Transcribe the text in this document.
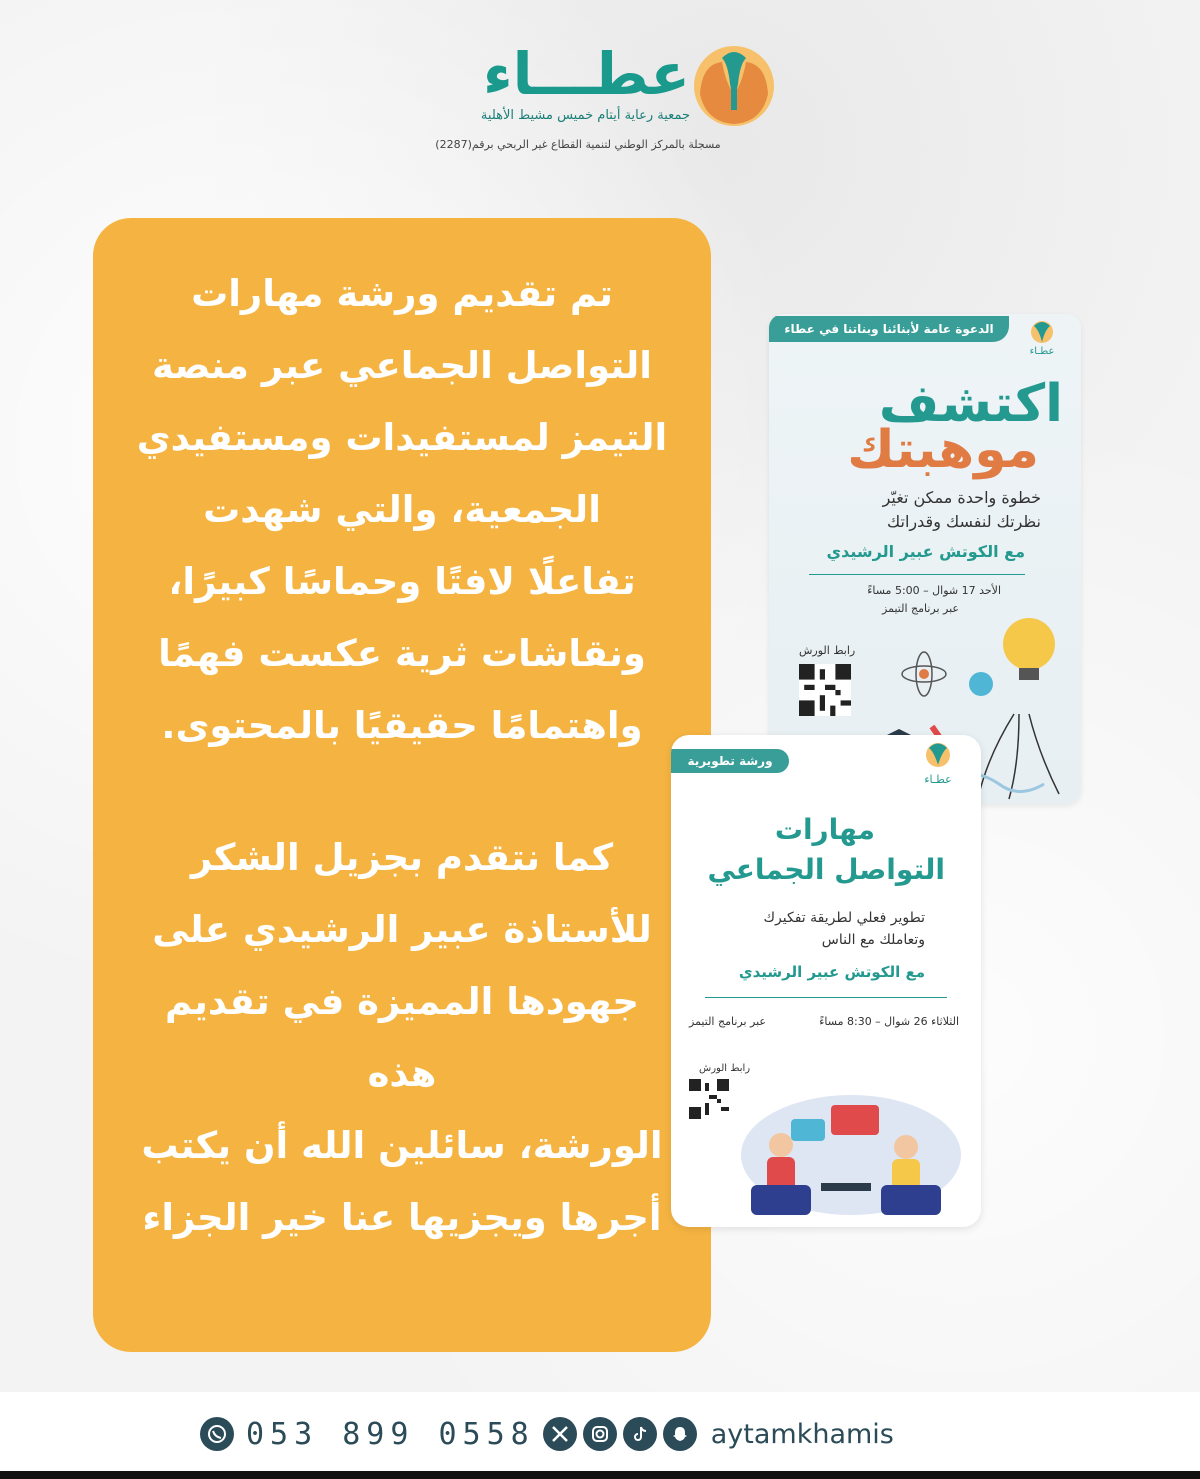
عطـــاء
جمعية رعاية أيتام خميس مشيط الأهلية
مسجلة بالمركز الوطني لتنمية القطاع غير الربحي برقم(2287)

تم تقديم ورشة مهارات

التواصل الجماعي عبر منصة

التيمز لمستفيدات ومستفيدي

الجمعية، والتي شهدت

تفاعلًا لافتًا وحماسًا كبيرًا،

ونقاشات ثرية عكست فهمًا

واهتمامًا حقيقيًا بالمحتوى.

كما نتقدم بجزيل الشكر

للأستاذة عبير الرشيدي على

جهودها المميزة في تقديم هذه

الورشة، سائلين الله أن يكتب

أجرها ويجزيها عنا خير الجزاء

الدعوة عامة لأبنائنا وبناتنا في عطاء
عطـاء
اكتشف
موهبتك
خطوة واحدة ممكن تغيّر
نظرتك لنفسك وقدراتك
مع الكوتش عبير الرشيدي
الأحد 17 شوال – 5:00 مساءً
عبر برنامج التيمز
رابط الورش
ورشة تطويرية
عطـاء
مهارات
التواصل الجماعي
تطوير فعلي لطريقة تفكيرك
وتعاملك مع الناس
مع الكوتش عبير الرشيدي
الثلاثاء 26 شوال – 8:30 مساءً
عبر برنامج التيمز
رابط الورش
053 899 0558	aytamkhamis
